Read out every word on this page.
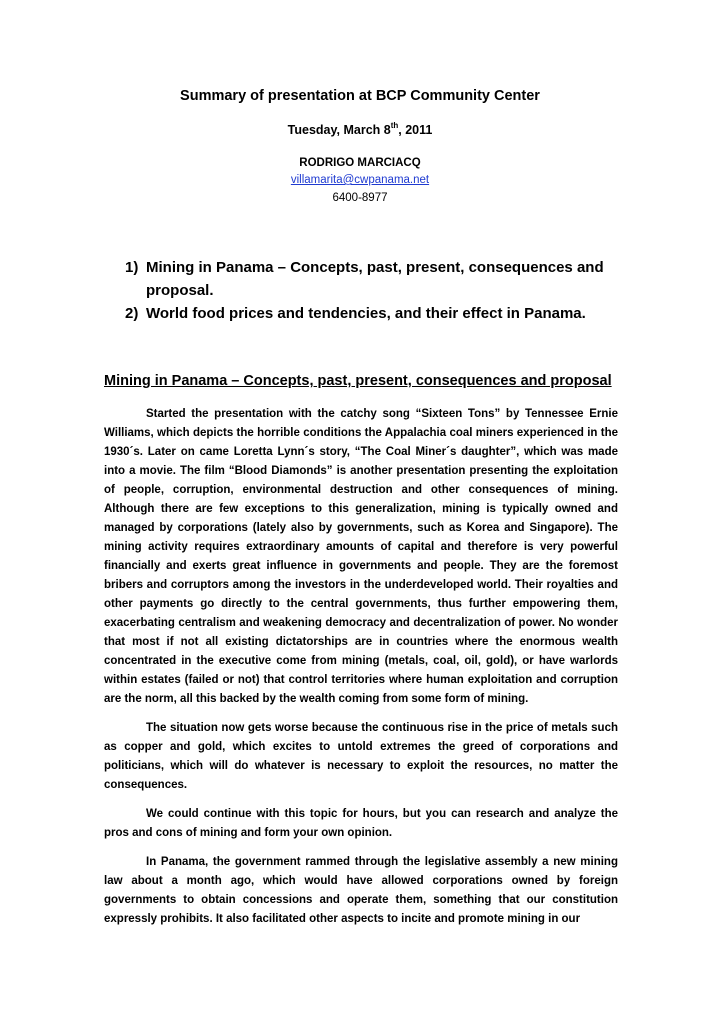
Summary of presentation at BCP Community Center
Tuesday, March 8th, 2011
RODRIGO MARCIACQ
villamarita@cwpanama.net
6400-8977
1) Mining in Panama – Concepts, past, present, consequences and proposal.
2) World food prices and tendencies, and their effect in Panama.
Mining in Panama – Concepts, past, present, consequences and proposal

Started the presentation with the catchy song “Sixteen Tons” by Tennessee Ernie Williams, which depicts the horrible conditions the Appalachia coal miners experienced in the 1930´s. Later on came Loretta Lynn´s story, “The Coal Miner´s daughter”, which was made into a movie. The film “Blood Diamonds” is another presentation presenting the exploitation of people, corruption, environmental destruction and other consequences of mining. Although there are few exceptions to this generalization, mining is typically owned and managed by corporations (lately also by governments, such as Korea and Singapore). The mining activity requires extraordinary amounts of capital and therefore is very powerful financially and exerts great influence in governments and people. They are the foremost bribers and corruptors among the investors in the underdeveloped world. Their royalties and other payments go directly to the central governments, thus further empowering them, exacerbating centralism and weakening democracy and decentralization of power. No wonder that most if not all existing dictatorships are in countries where the enormous wealth concentrated in the executive come from mining (metals, coal, oil, gold), or have warlords within estates (failed or not) that control territories where human exploitation and corruption are the norm, all this backed by the wealth coming from some form of mining.

The situation now gets worse because the continuous rise in the price of metals such as copper and gold, which excites to untold extremes the greed of corporations and politicians, which will do whatever is necessary to exploit the resources, no matter the consequences.

We could continue with this topic for hours, but you can research and analyze the pros and cons of mining and form your own opinion.

In Panama, the government rammed through the legislative assembly a new mining law about a month ago, which would have allowed corporations owned by foreign governments to obtain concessions and operate them, something that our constitution expressly prohibits. It also facilitated other aspects to incite and promote mining in our
